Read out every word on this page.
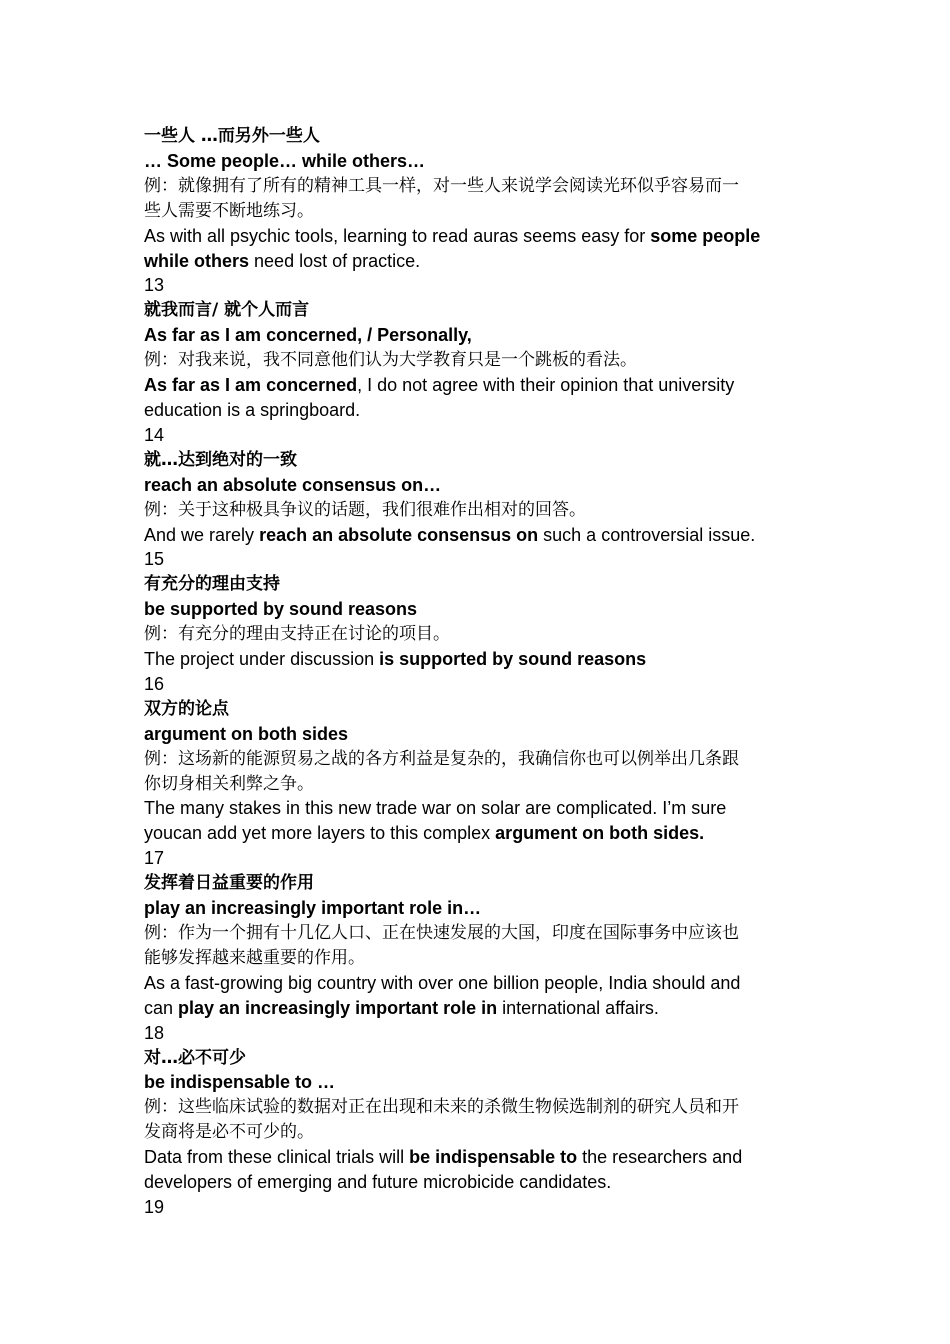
一些人 …而另外一些人
… Some people… while others…
例：就像拥有了所有的精神工具一样，对一些人来说学会阅读光环似乎容易而一
些人需要不断地练习。
As with all psychic tools, learning to read auras seems easy for some people
while others need lost of practice.
13
就我而言/ 就个人而言
As far as I am concerned, / Personally,
例：对我来说，我不同意他们认为大学教育只是一个跳板的看法。
As far as I am concerned, I do not agree with their opinion that university
education is a springboard.
14
就…达到绝对的一致
reach an absolute consensus on…
例：关于这种极具争议的话题，我们很难作出相对的回答。
And we rarely reach an absolute consensus on such a controversial issue.
15
有充分的理由支持
be supported by sound reasons
例：有充分的理由支持正在讨论的项目。
The project under discussion is supported by sound reasons
16
双方的论点
argument on both sides
例：这场新的能源贸易之战的各方利益是复杂的，我确信你也可以例举出几条跟
你切身相关利弊之争。
The many stakes in this new trade war on solar are complicated. I’m sure
youcan add yet more layers to this complex argument on both sides.
17
发挥着日益重要的作用
play an increasingly important role in…
例：作为一个拥有十几亿人口、正在快速发展的大国，印度在国际事务中应该也
能够发挥越来越重要的作用。
As a fast-growing big country with over one billion people, India should and
can play an increasingly important role in international affairs.
18
对…必不可少
be indispensable to …
例：这些临床试验的数据对正在出现和未来的杀微生物候选制剂的研究人员和开
发商将是必不可少的。
Data from these clinical trials will be indispensable to the researchers and
developers of emerging and future microbicide candidates.
19
